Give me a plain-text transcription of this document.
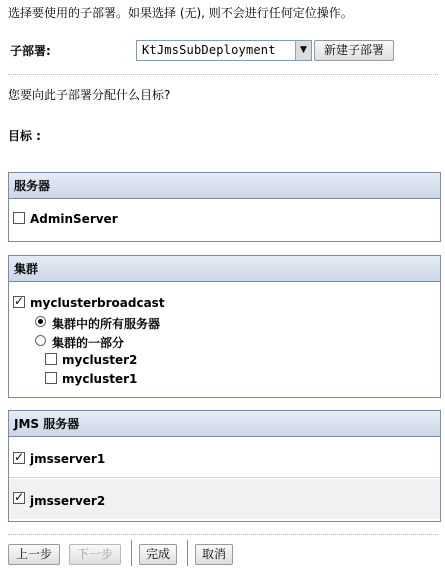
选择要使用的子部署。如果选择 (无), 则不会进行任何定位操作。
子部署:	KtJmsSubDeployment	▼	新建子部署
您要向此子部署分配什么目标?
目标 :
服务器
AdminServer
集群
✓ myclusterbroadcast
集群中的所有服务器
集群的一部分
mycluster2
mycluster1
JMS 服务器
✓ jmsserver1
✓ jmsserver2
上一步	下一步	完成	取消
